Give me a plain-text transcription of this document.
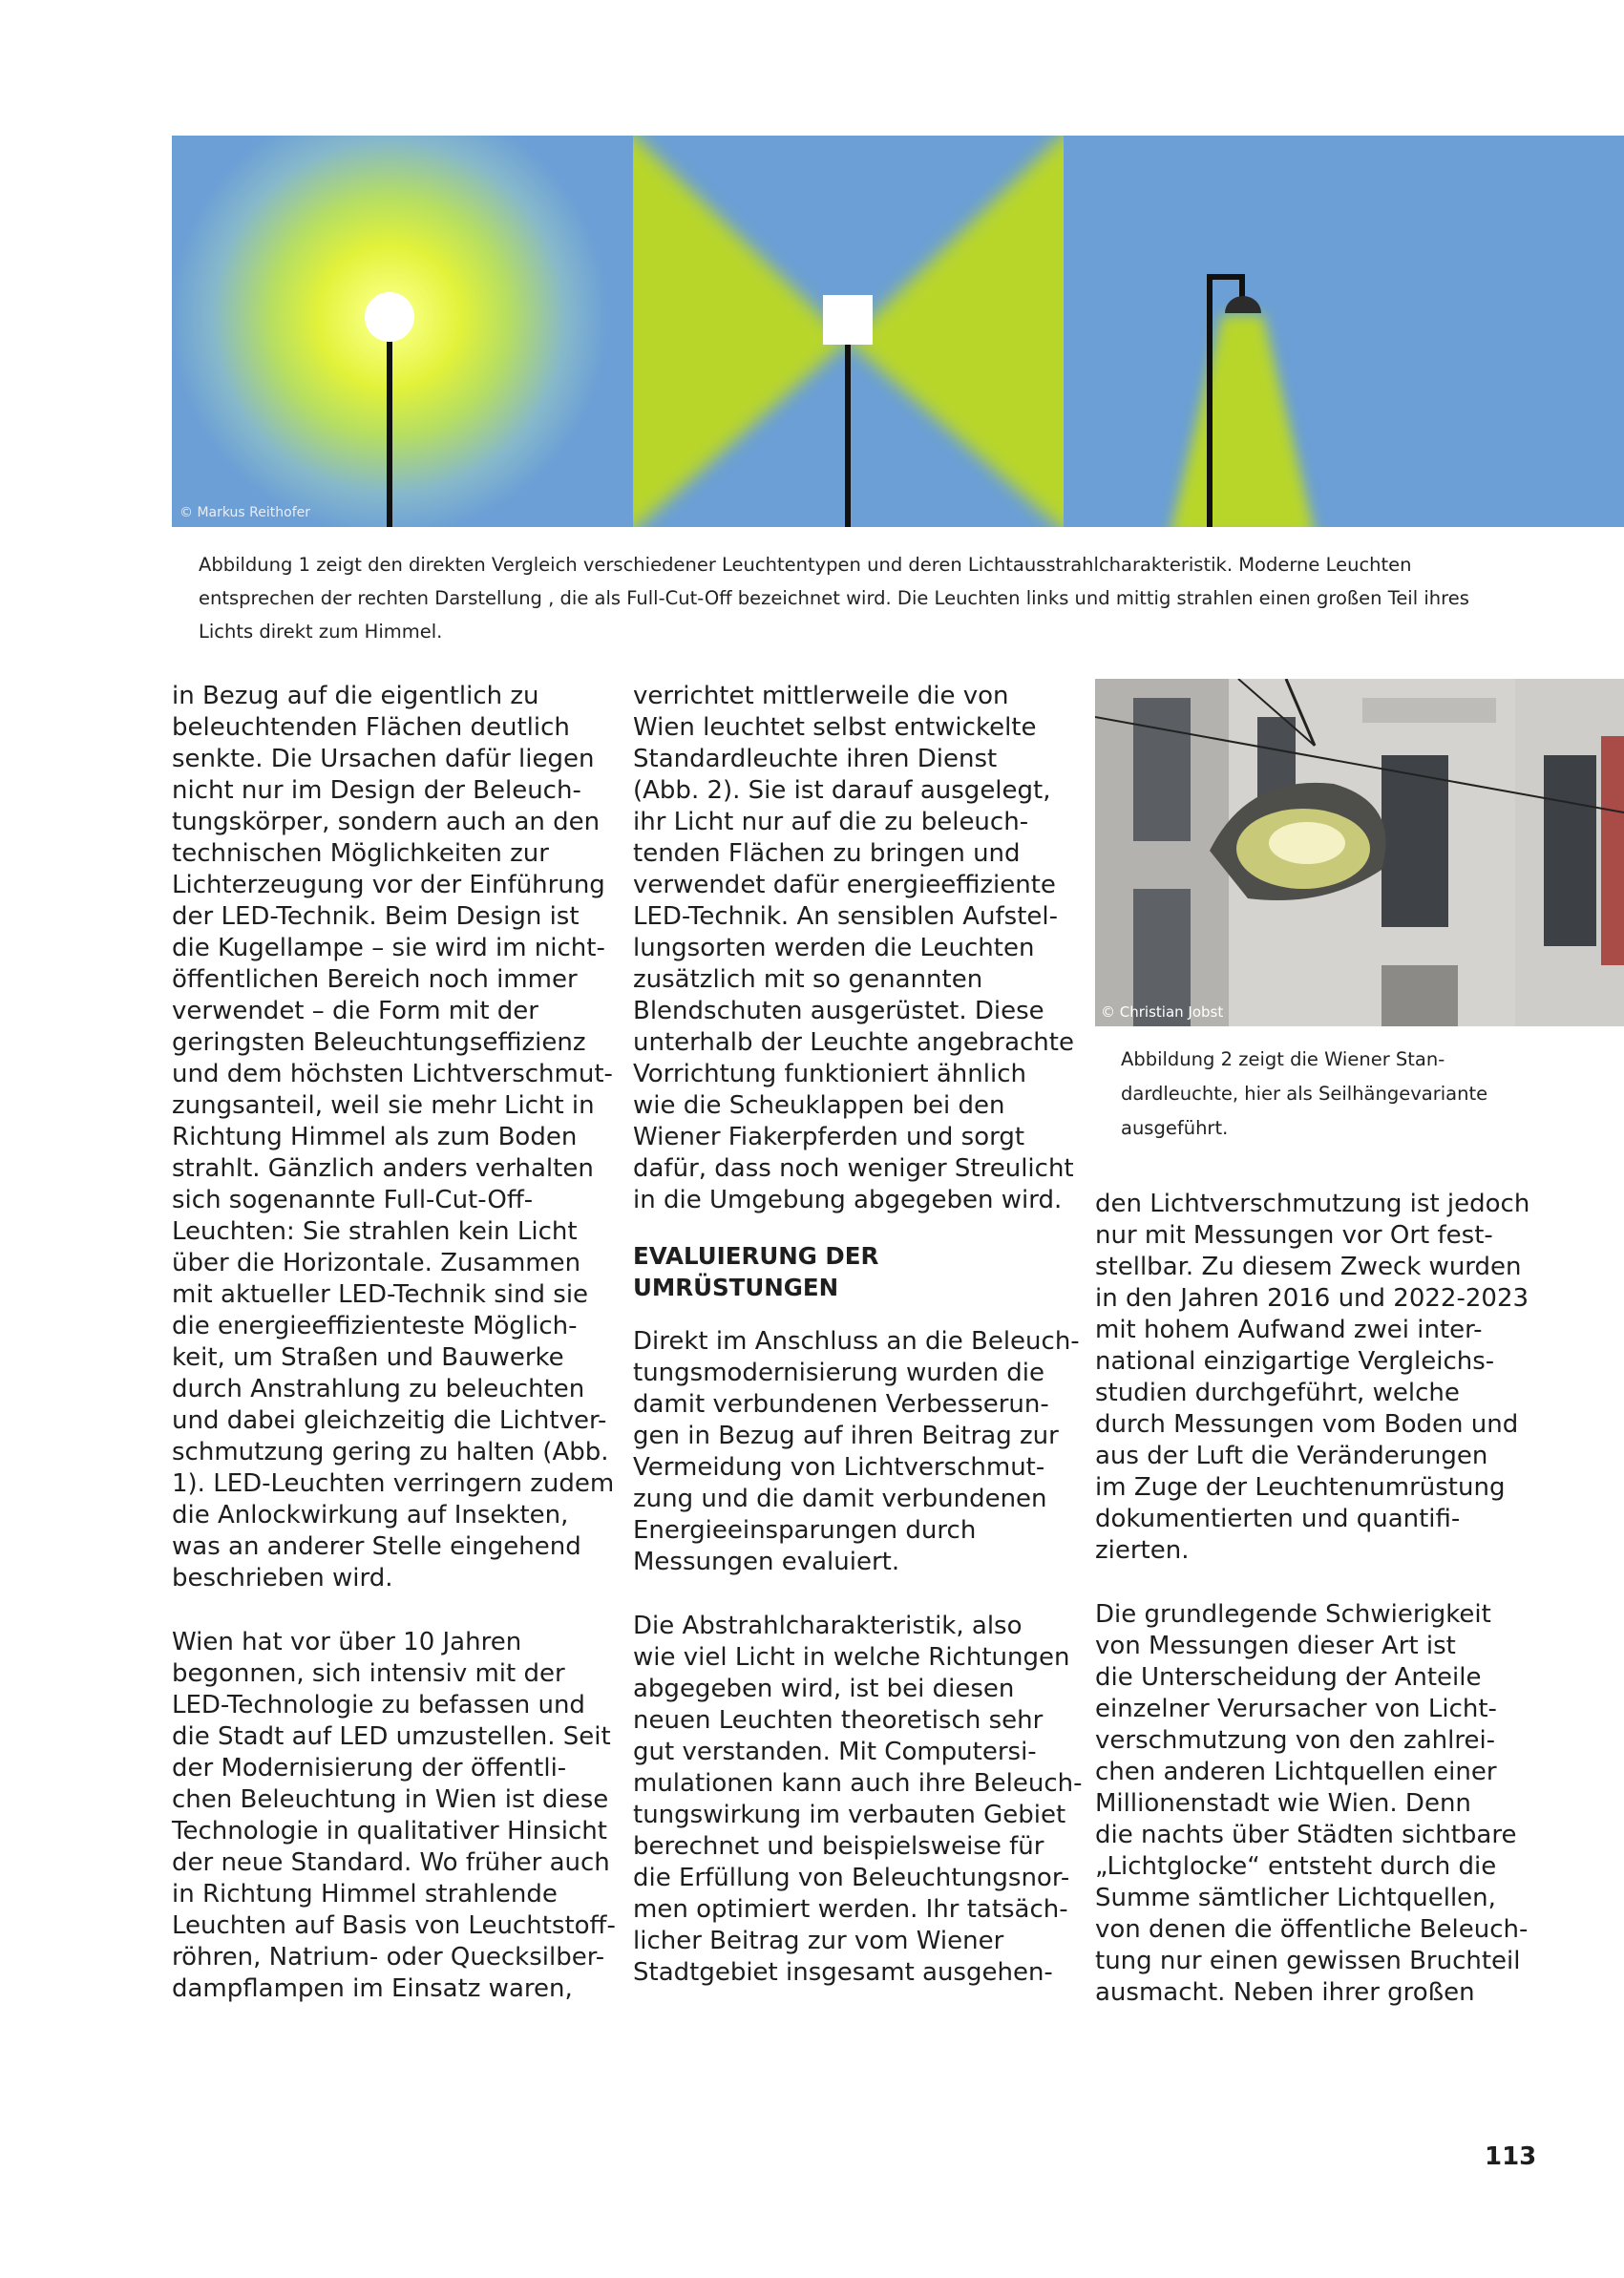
© Markus Reithofer
Abbildung 1 zeigt den direkten Vergleich verschiedener Leuchtentypen und deren Lichtausstrahlcharakteristik. Moderne Leuchten entsprechen der rechten Darstellung , die als Full-Cut-Off bezeichnet wird. Die Leuchten links und mittig strahlen einen großen Teil ihres Lichts direkt zum Himmel.

in Bezug auf die eigentlich zu

beleuchtenden Flächen deutlich

senkte. Die Ursachen dafür liegen

nicht nur im Design der Beleuch-

tungskörper, sondern auch an den

technischen Möglichkeiten zur

Lichterzeugung vor der Einführung

der LED-Technik. Beim Design ist

die Kugellampe – sie wird im nicht-

öffentlichen Bereich noch immer

verwendet – die Form mit der

geringsten Beleuchtungseffizienz

und dem höchsten Lichtverschmut-

zungsanteil, weil sie mehr Licht in

Richtung Himmel als zum Boden

strahlt. Gänzlich anders verhalten

sich sogenannte Full-Cut-Off-

Leuchten: Sie strahlen kein Licht

über die Horizontale. Zusammen

mit aktueller LED-Technik sind sie

die energieeffizienteste Möglich-

keit, um Straßen und Bauwerke

durch Anstrahlung zu beleuchten

und dabei gleichzeitig die Lichtver-

schmutzung gering zu halten (Abb.

1). LED-Leuchten verringern zudem

die Anlockwirkung auf Insekten,

was an anderer Stelle eingehend

beschrieben wird.

Wien hat vor über 10 Jahren

begonnen, sich intensiv mit der

LED-Technologie zu befassen und

die Stadt auf LED umzustellen. Seit

der Modernisierung der öffentli-

chen Beleuchtung in Wien ist diese

Technologie in qualitativer Hinsicht

der neue Standard. Wo früher auch

in Richtung Himmel strahlende

Leuchten auf Basis von Leuchtstoff-

röhren, Natrium- oder Quecksilber-

dampflampen im Einsatz waren,

verrichtet mittlerweile die von

Wien leuchtet selbst entwickelte

Standardleuchte ihren Dienst

(Abb. 2). Sie ist darauf ausgelegt,

ihr Licht nur auf die zu beleuch-

tenden Flächen zu bringen und

verwendet dafür energieeffiziente

LED-Technik. An sensiblen Aufstel-

lungsorten werden die Leuchten

zusätzlich mit so genannten

Blendschuten ausgerüstet. Diese

unterhalb der Leuchte angebrachte

Vorrichtung funktioniert ähnlich

wie die Scheuklappen bei den

Wiener Fiakerpferden und sorgt

dafür, dass noch weniger Streulicht

in die Umgebung abgegeben wird.

EVALUIERUNG DER

UMRÜSTUNGEN

Direkt im Anschluss an die Beleuch-

tungsmodernisierung wurden die

damit verbundenen Verbesserun-

gen in Bezug auf ihren Beitrag zur

Vermeidung von Lichtverschmut-

zung und die damit verbundenen

Energieeinsparungen durch

Messungen evaluiert.

Die Abstrahlcharakteristik, also

wie viel Licht in welche Richtungen

abgegeben wird, ist bei diesen

neuen Leuchten theoretisch sehr

gut verstanden. Mit Computersi-

mulationen kann auch ihre Beleuch-

tungswirkung im verbauten Gebiet

berechnet und beispielsweise für

die Erfüllung von Beleuchtungsnor-

men optimiert werden. Ihr tatsäch-

licher Beitrag zur vom Wiener

Stadtgebiet insgesamt ausgehen-

© Christian Jobst

Abbildung 2 zeigt die Wiener Stan-

dardleuchte, hier als Seilhängevariante

ausgeführt.

den Lichtverschmutzung ist jedoch

nur mit Messungen vor Ort fest-

stellbar. Zu diesem Zweck wurden

in den Jahren 2016 und 2022-2023

mit hohem Aufwand zwei inter-

national einzigartige Vergleichs-

studien durchgeführt, welche

durch Messungen vom Boden und

aus der Luft die Veränderungen

im Zuge der Leuchtenumrüstung

dokumentierten und quantifi-

zierten.

Die grundlegende Schwierigkeit

von Messungen dieser Art ist

die Unterscheidung der Anteile

einzelner Verursacher von Licht-

verschmutzung von den zahlrei-

chen anderen Lichtquellen einer

Millionenstadt wie Wien. Denn

die nachts über Städten sichtbare

„Lichtglocke“ entsteht durch die

Summe sämtlicher Lichtquellen,

von denen die öffentliche Beleuch-

tung nur einen gewissen Bruchteil

ausmacht. Neben ihrer großen

113
